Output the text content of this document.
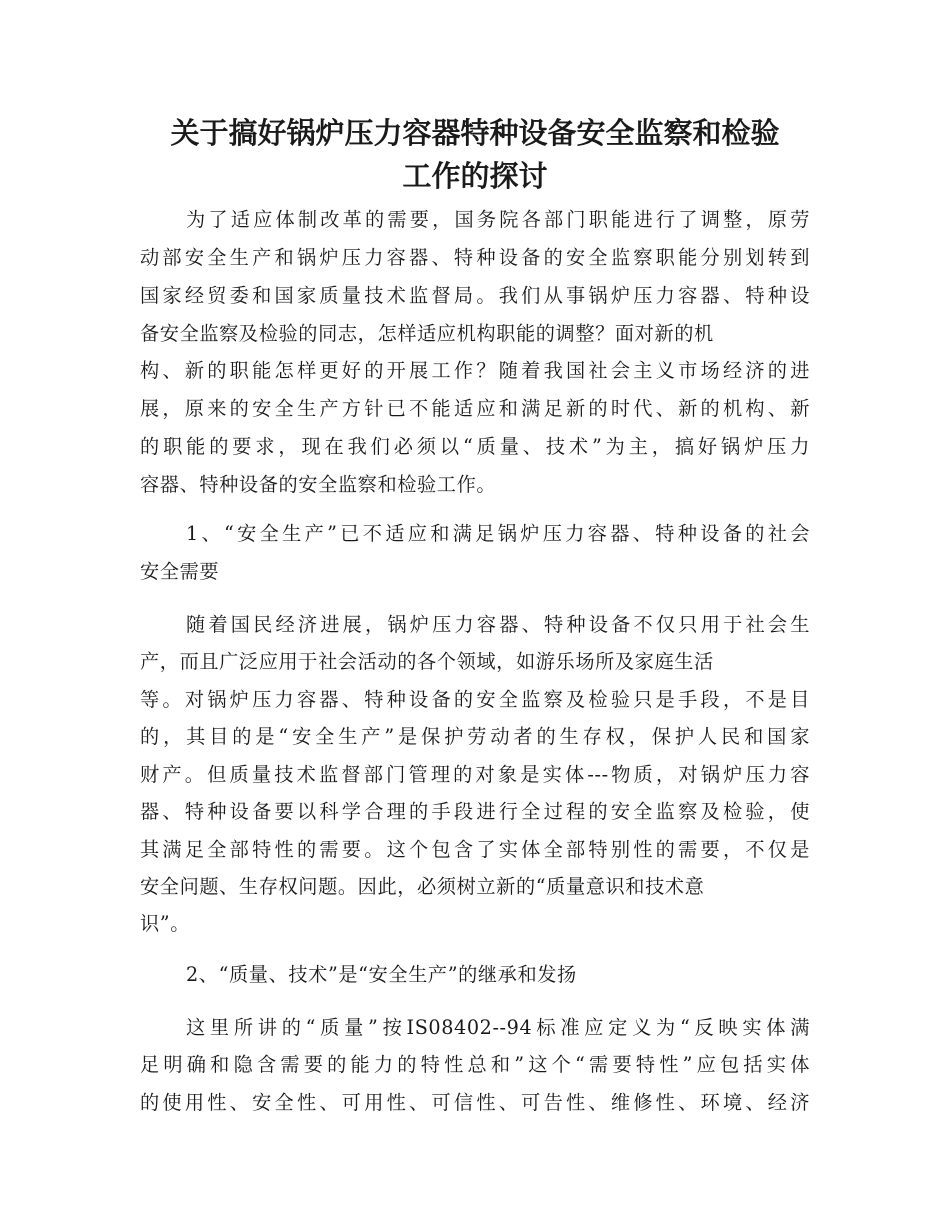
关于搞好锅炉压力容器特种设备安全监察和检验
工作的探讨
为了适应体制改革的需要，国务院各部门职能进行了调整，原劳
动部安全生产和锅炉压力容器、特种设备的安全监察职能分别划转到
国家经贸委和国家质量技术监督局。我们从事锅炉压力容器、特种设
备安全监察及检验的同志，怎样适应机构职能的调整？面对新的机
构、新的职能怎样更好的开展工作？随着我国社会主义市场经济的进
展，原来的安全生产方针已不能适应和满足新的时代、新的机构、新
的职能的要求，现在我们必须以“质量、技术”为主，搞好锅炉压力
容器、特种设备的安全监察和检验工作。
1、“安全生产”已不适应和满足锅炉压力容器、特种设备的社会
安全需要
随着国民经济进展，锅炉压力容器、特种设备不仅只用于社会生
产，而且广泛应用于社会活动的各个领域，如游乐场所及家庭生活
等。对锅炉压力容器、特种设备的安全监察及检验只是手段，不是目
的，其目的是“安全生产”是保护劳动者的生存权，保护人民和国家
财产。但质量技术监督部门管理的对象是实体---物质，对锅炉压力容
器、特种设备要以科学合理的手段进行全过程的安全监察及检验，使
其满足全部特性的需要。这个包含了实体全部特别性的需要，不仅是
安全问题、生存权问题。因此，必须树立新的“质量意识和技术意
识”。
2、“质量、技术”是“安全生产”的继承和发扬
这里所讲的“质量”按IS08402--94标准应定义为“反映实体满
足明确和隐含需要的能力的特性总和”这个“需要特性”应包括实体
的使用性、安全性、可用性、可信性、可告性、维修性、环境、经济
